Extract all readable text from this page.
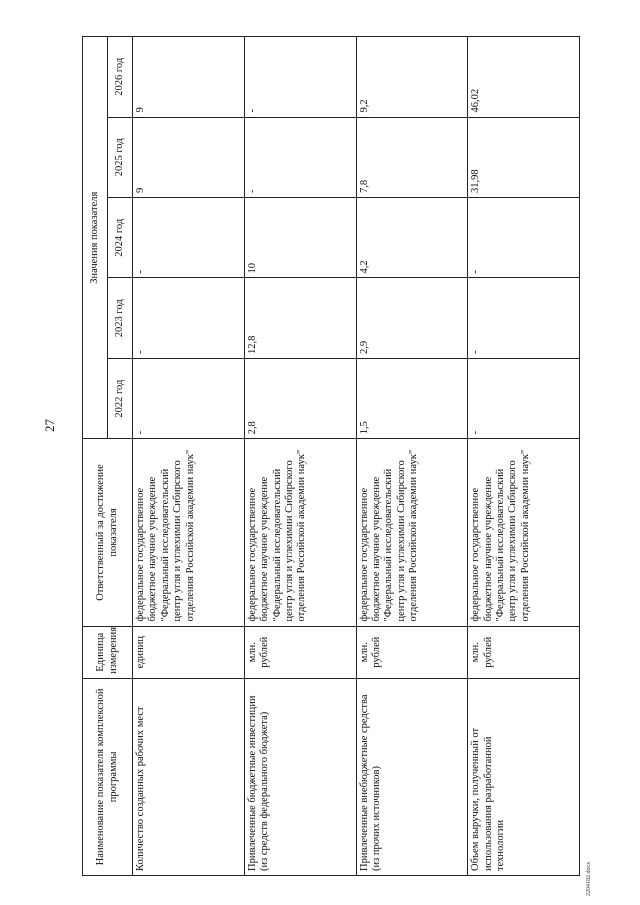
27
Наименование показателя комплексной программы	Единица измерения	Ответственный за достижение показателя	Значения показателя				
			2022 год	2023 год	2024 год	2025 год	2026 год
Количество созданных рабочих мест	единиц	федеральное государственное бюджетное научное учреждение "Федеральный исследовательский центр угля и углехимии Сибирского отделения Российской академии наук"	-	-	-	9	9
Привлеченные бюджетные инвестиции (из средств федерального бюджета)	млн. рублей	федеральное государственное бюджетное научное учреждение "Федеральный исследовательский центр угля и углехимии Сибирского отделения Российской академии наук"	2,8	12,8	10	-	-
Привлеченные внебюджетные средства (из прочих источников)	млн. рублей	федеральное государственное бюджетное научное учреждение "Федеральный исследовательский центр угля и углехимии Сибирского отделения Российской академии наук"	1,5	2,9	4,2	7,8	9,2
Объем выручки, полученный от использования разработанной технологии	млн. рублей	федеральное государственное бюджетное научное учреждение "Федеральный исследовательский центр угля и углехимии Сибирского отделения Российской академии наук"	-	-	-	31,98	46,02
2204182.docx
